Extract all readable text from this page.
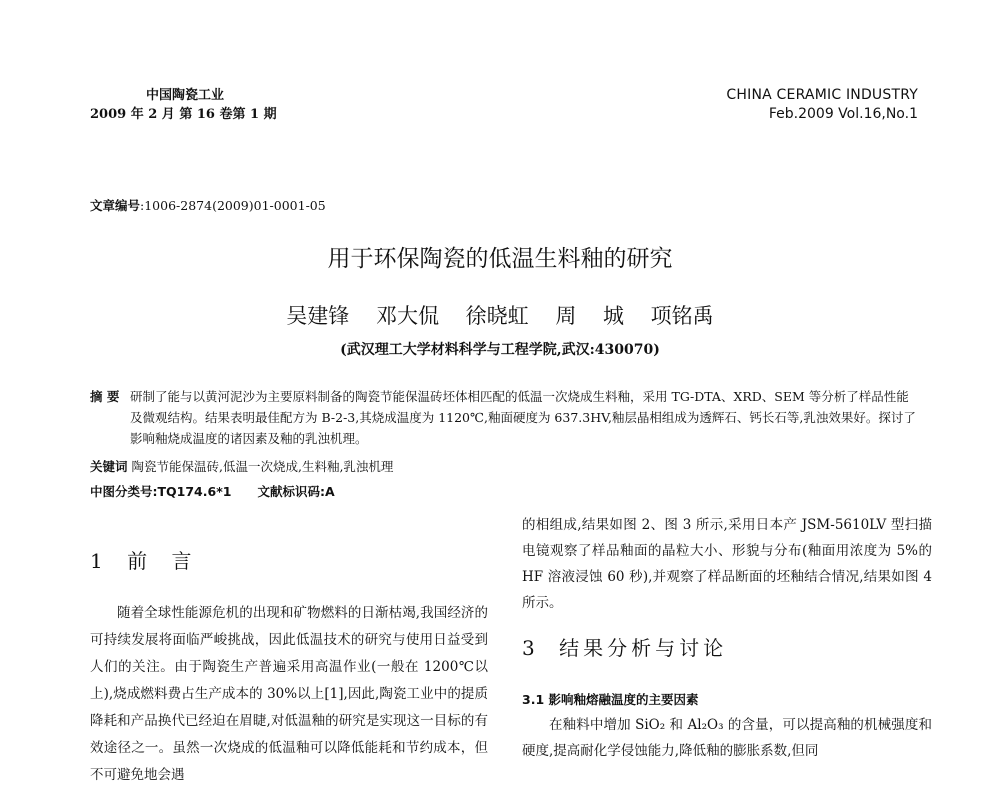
中国陶瓷工业
2009 年 2 月 第 16 卷第 1 期
CHINA CERAMIC INDUSTRY
Feb.2009 Vol.16,No.1
文章编号:1006-2874(2009)01-0001-05
用于环保陶瓷的低温生料釉的研究
吴建锋 邓大侃 徐晓虹 周 城 项铭禹
(武汉理工大学材料科学与工程学院,武汉:430070)
摘 要 研制了能与以黄河泥沙为主要原料制备的陶瓷节能保温砖坯体相匹配的低温一次烧成生料釉，采用 TG-DTA、XRD、SEM 等分析了样品性能及微观结构。结果表明最佳配方为 B-2-3,其烧成温度为 1120℃,釉面硬度为 637.3HV,釉层晶相组成为透辉石、钙长石等,乳浊效果好。探讨了影响釉烧成温度的诸因素及釉的乳浊机理。
关键词 陶瓷节能保温砖,低温一次烧成,生料釉,乳浊机理
中图分类号:TQ174.6*1 文献标识码:A
1 前 言
随着全球性能源危机的出现和矿物燃料的日渐枯竭,我国经济的可持续发展将面临严峻挑战，因此低温技术的研究与使用日益受到人们的关注。由于陶瓷生产普遍采用高温作业(一般在 1200℃以上),烧成燃料费占生产成本的 30%以上[1],因此,陶瓷工业中的提质降耗和产品换代已经迫在眉睫,对低温釉的研究是实现这一目标的有效途径之一。虽然一次烧成的低温釉可以降低能耗和节约成本，但不可避免地会遇
的相组成,结果如图 2、图 3 所示,采用日本产 JSM-5610LV 型扫描电镜观察了样品釉面的晶粒大小、形貌与分布(釉面用浓度为 5%的 HF 溶液浸蚀 60 秒),并观察了样品断面的坯釉结合情况,结果如图 4 所示。
3 结果分析与讨论
3.1 影响釉熔融温度的主要因素
在釉料中增加 SiO₂ 和 Al₂O₃ 的含量，可以提高釉的机械强度和硬度,提高耐化学侵蚀能力,降低釉的膨胀系数,但同
